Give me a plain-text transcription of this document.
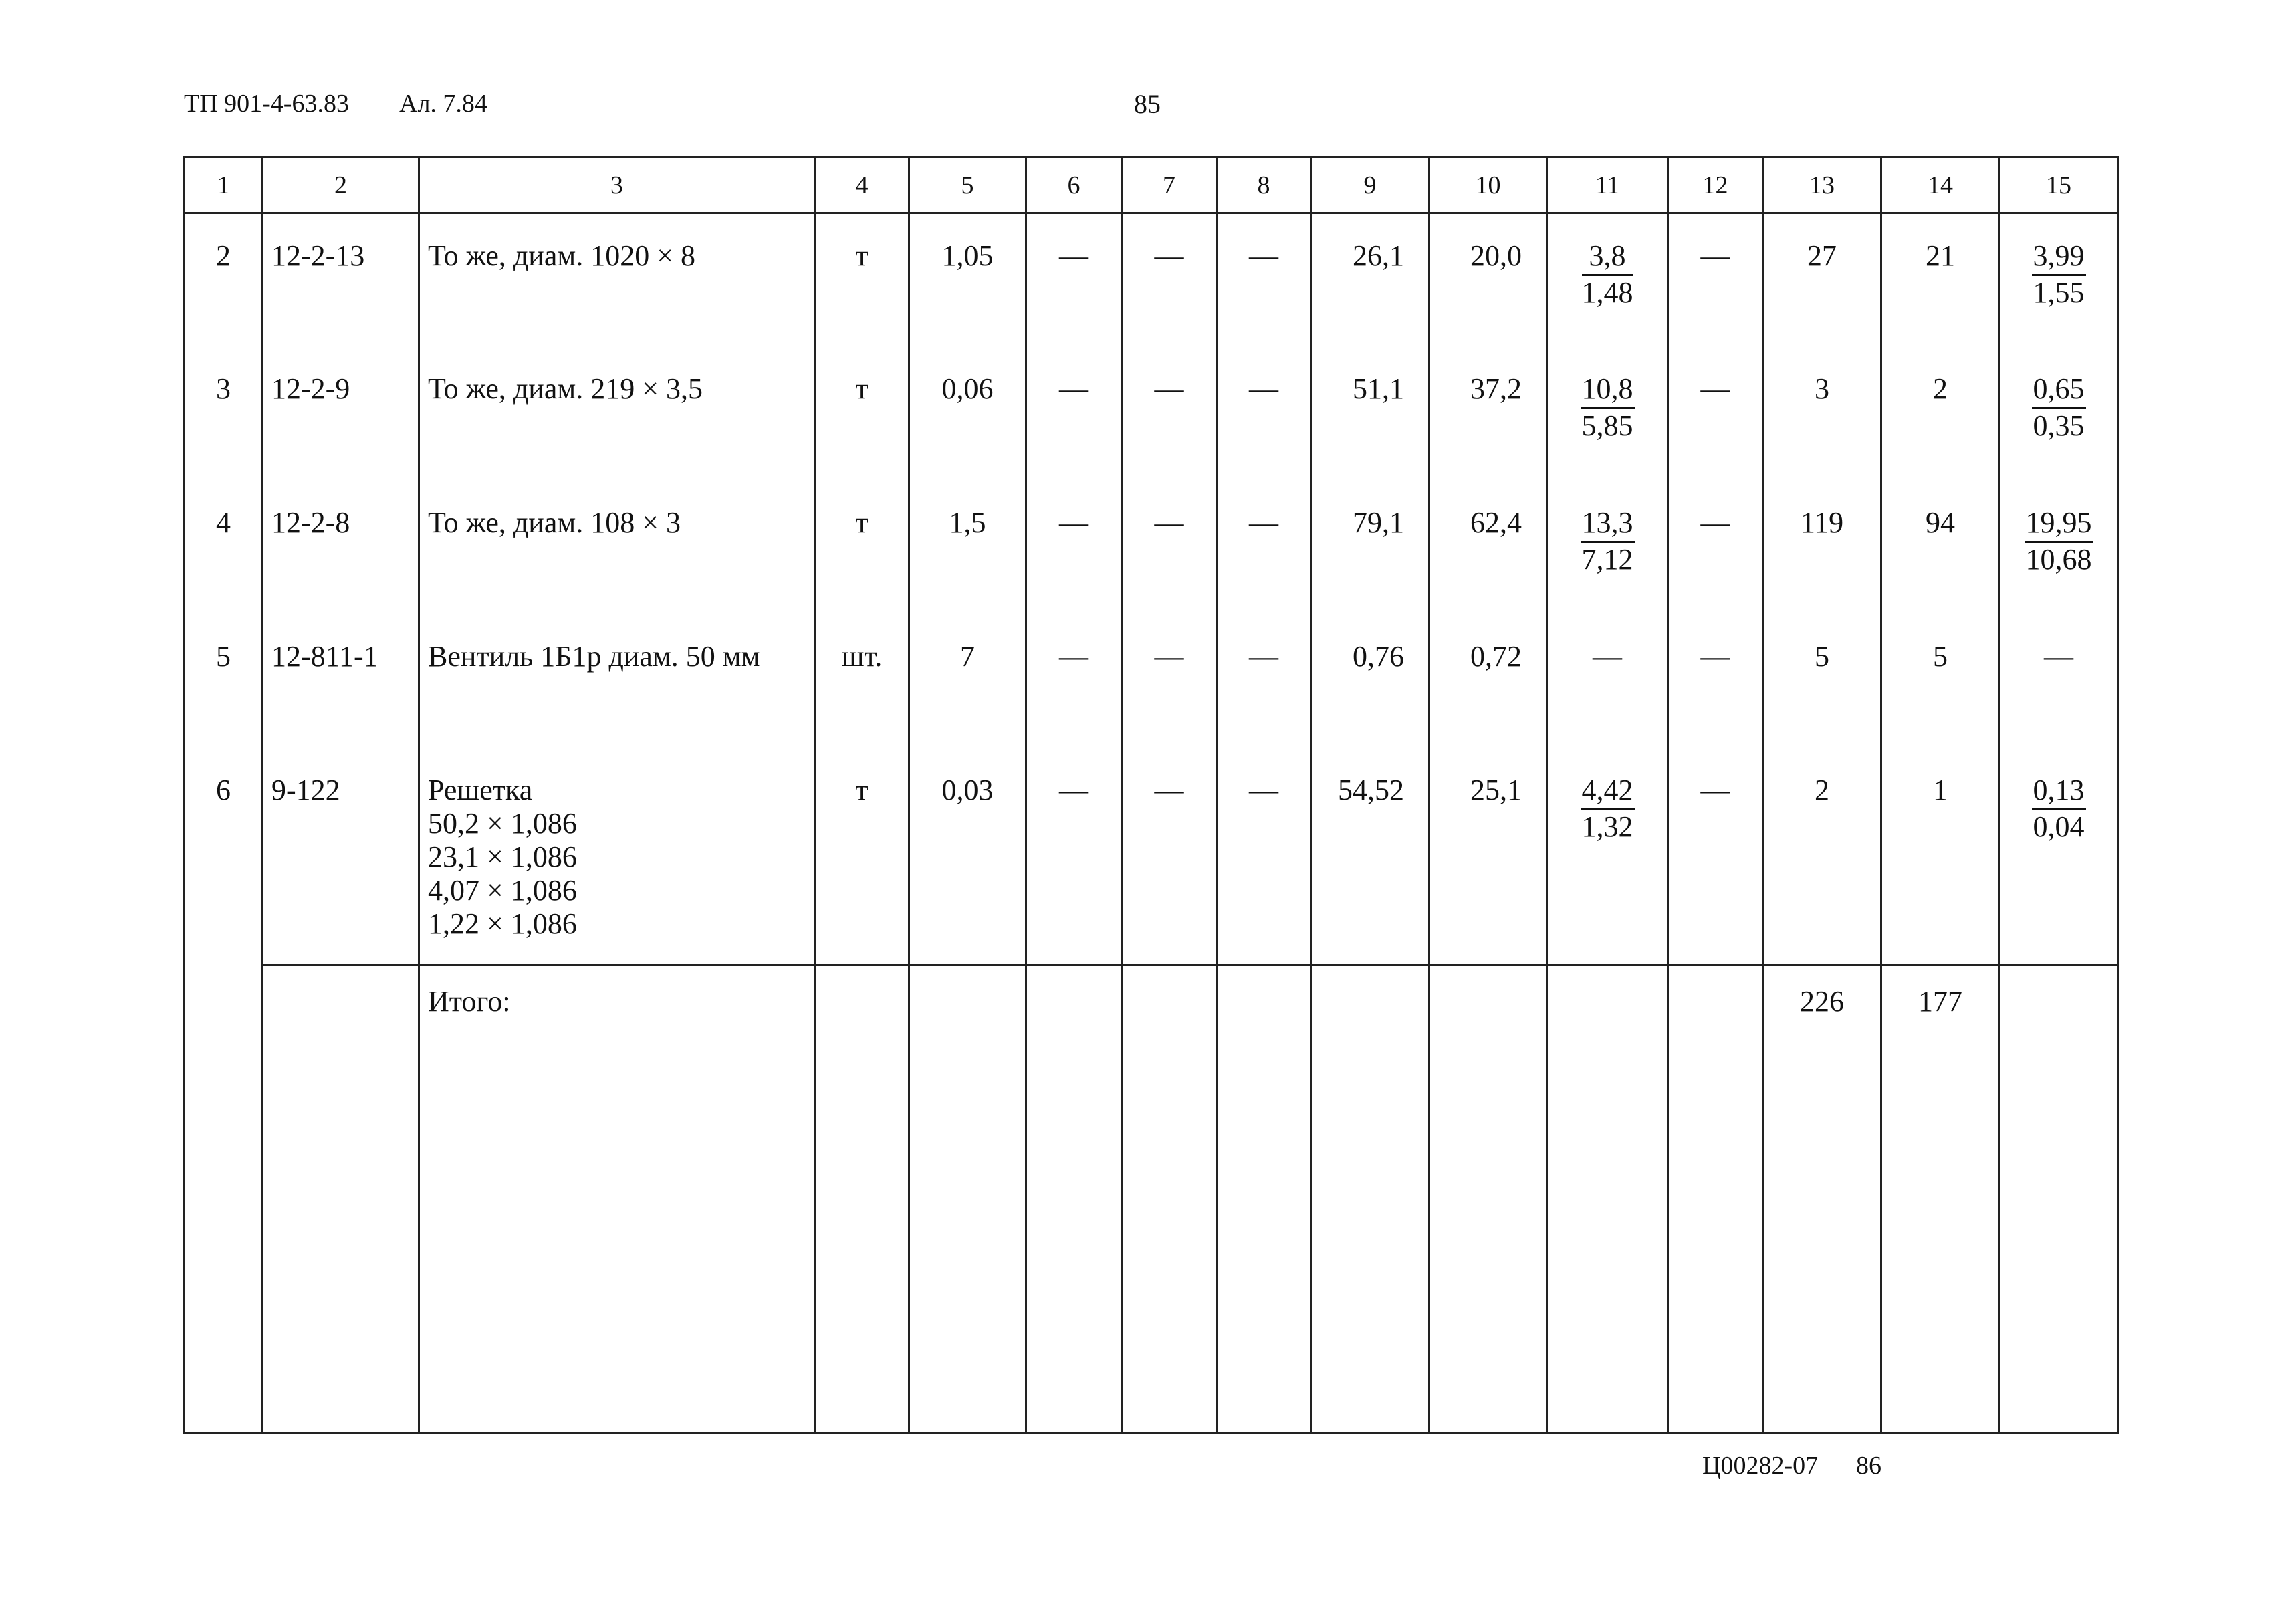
ТП 901-4-63.83 Ал. 7.84	85
1	2	3	4	5	6	7	8	9	10	11	12	13	14	15
2	12-2-13	То же, диам. 1020 × 8	т	1,05	—	—	—	26,1	20,0	$\frac{3,8}{1,48}$	—	27	21	$\frac{3,99}{1,55}$

3	12-2-9	То же, диам. 219 × 3,5	т	0,06	—	—	—	51,1	37,2	$\frac{10,8}{5,85}$	—	3	2	$\frac{0,65}{0,35}$

4	12-2-8	То же, диам. 108 × 3	т	1,5	—	—	—	79,1	62,4	$\frac{13,3}{7,12}$	—	119	94	$\frac{19,95}{10,68}$

5	12-811-1	Вентиль 1Б1р диам. 50 мм	шт.	7	—	—	—	0,76	0,72	—	—	5	5	—
6	9-122	Решетка
50,2 × 1,086
23,1 × 1,086
4,07 × 1,086
1,22 × 1,086	т	0,03	—	—	—	54,52	25,1	$\frac{4,42}{1,32}$	—	2	1	$\frac{0,13}{0,04}$

		Итого:										226	177	
Ц00282-07 86
